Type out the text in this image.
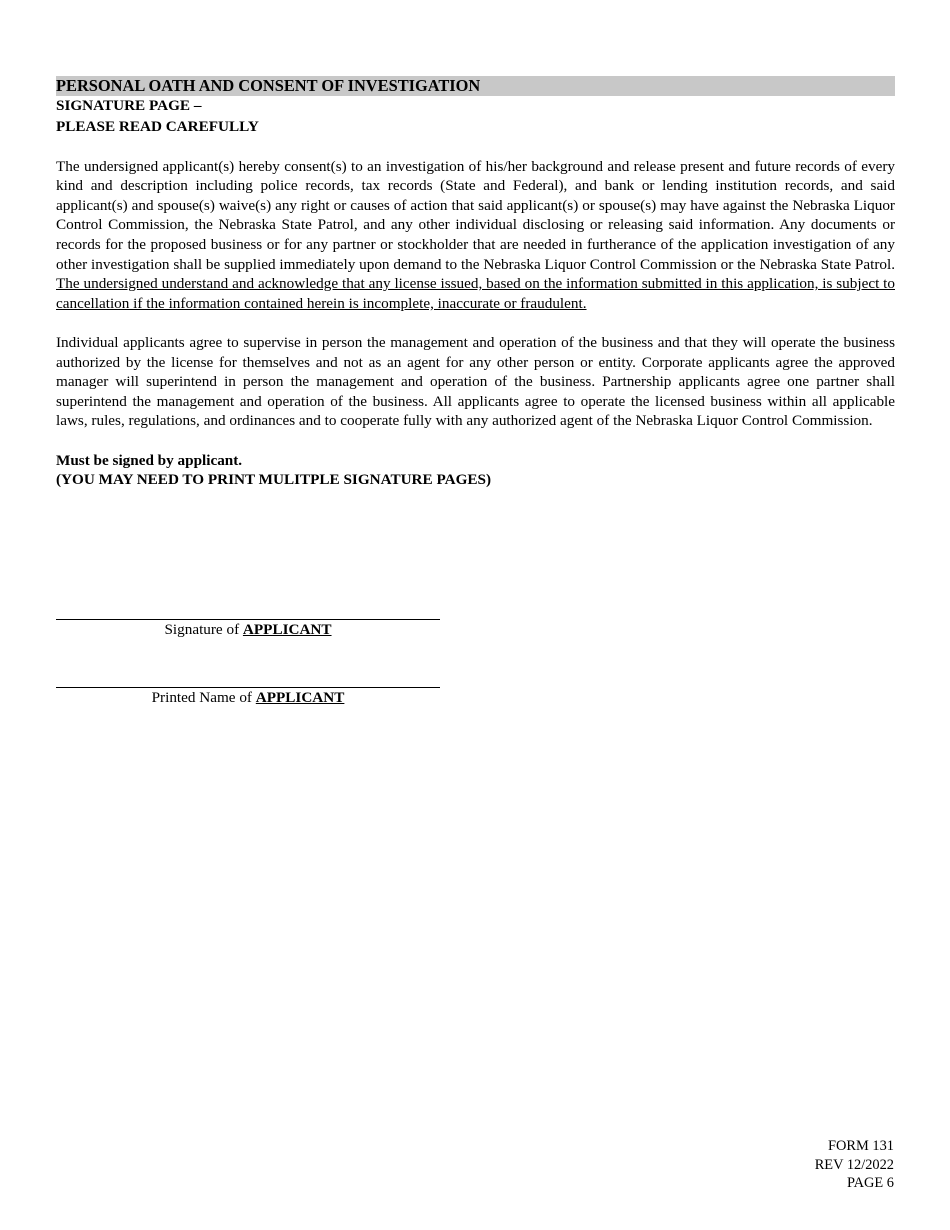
PERSONAL OATH AND CONSENT OF INVESTIGATION
SIGNATURE PAGE –
PLEASE READ CAREFULLY

The undersigned applicant(s) hereby consent(s) to an investigation of his/her background and release present and future records of every kind and description including police records, tax records (State and Federal), and bank or lending institution records, and said applicant(s) and spouse(s) waive(s) any right or causes of action that said applicant(s) or spouse(s) may have against the Nebraska Liquor Control Commission, the Nebraska State Patrol, and any other individual disclosing or releasing said information. Any documents or records for the proposed business or for any partner or stockholder that are needed in furtherance of the application investigation of any other investigation shall be supplied immediately upon demand to the Nebraska Liquor Control Commission or the Nebraska State Patrol. The undersigned understand and acknowledge that any license issued, based on the information submitted in this application, is subject to cancellation if the information contained herein is incomplete, inaccurate or fraudulent.

Individual applicants agree to supervise in person the management and operation of the business and that they will operate the business authorized by the license for themselves and not as an agent for any other person or entity. Corporate applicants agree the approved manager will superintend in person the management and operation of the business. Partnership applicants agree one partner shall superintend the management and operation of the business. All applicants agree to operate the licensed business within all applicable laws, rules, regulations, and ordinances and to cooperate fully with any authorized agent of the Nebraska Liquor Control Commission.

Must be signed by applicant.
(YOU MAY NEED TO PRINT MULITPLE SIGNATURE PAGES)
Signature of APPLICANT
Printed Name of APPLICANT
FORM 131
REV 12/2022
PAGE 6
